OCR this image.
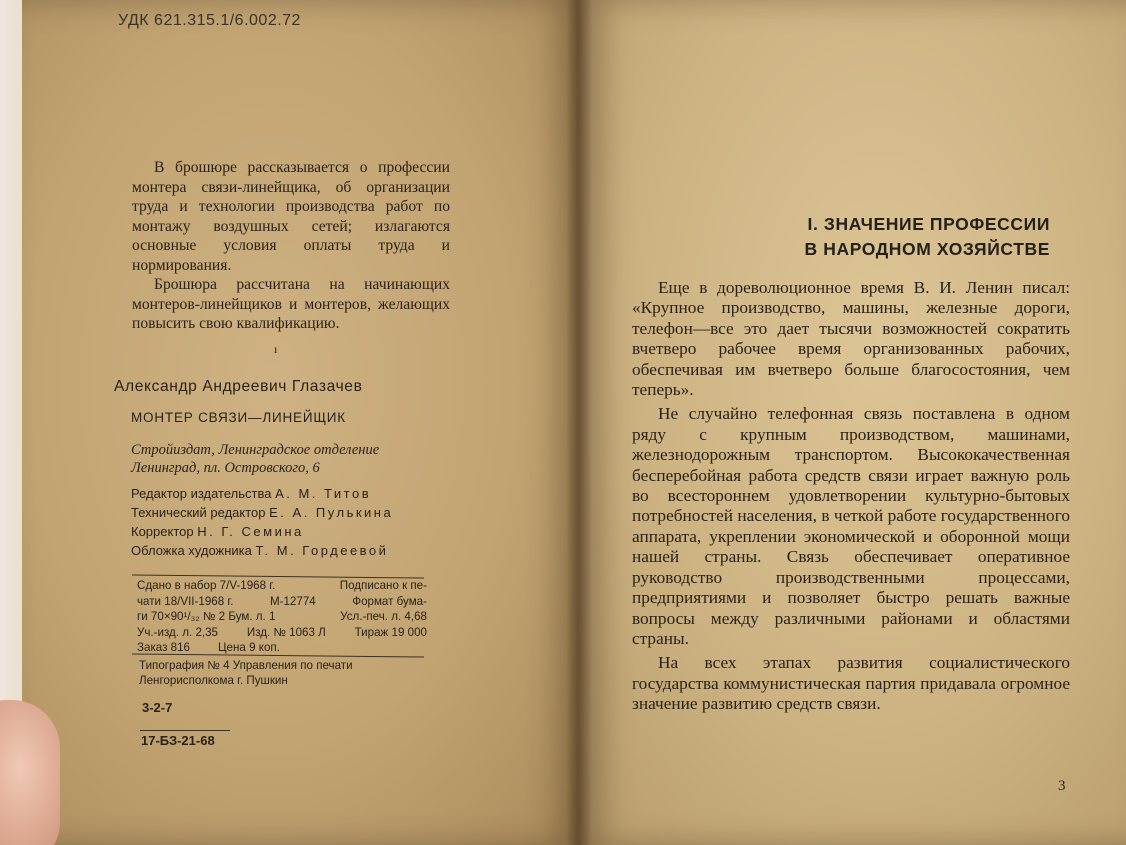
УДК 621.315.1/6.002.72

В брошюре рассказывается о профессии монтера связи-линейщика, об организации труда и технологии производства работ по монтажу воздушных сетей; излагаются основные условия оплаты труда и нормирования.

Брошюра рассчитана на начинающих монтеров-линейщиков и монтеров, желающих повысить свою квалификацию.

ı
Александр Андреевич Глазачев
МОНТЕР СВЯЗИ—ЛИНЕЙЩИК
Стройиздат, Ленинградское отделение
Ленинград, пл. Островского, 6
Редактор издательства А. М. Титов
Технический редактор Е. А. Пулькина
Корректор Н. Г. Семина
Обложка художника Т. М. Гордеевой
Сдано в набор 7/V-1968 г.	Подписано к пе-
чати 18/VII-1968 г.	М-12774	Формат бума-
ги 70×90¹/₃₂ № 2 Бум. л. 1	Усл.-печ. л. 4,68
Уч.-изд. л. 2,35 Изд. № 1063 Л Тираж 19 000
Заказ 816 Цена 9 коп.
Типография № 4 Управления по печати
Ленгорисполкома г. Пушкин
3-2-7
17-БЗ-21-68
I. ЗНАЧЕНИЕ ПРОФЕССИИ
В НАРОДНОМ ХОЗЯЙСТВЕ

Еще в дореволюционное время В. И. Ленин писал: «Крупное производство, машины, железные дороги, телефон—все это дает тысячи возможностей сократить вчетверо рабочее время организованных рабочих, обеспечивая им вчетверо больше благосостояния, чем теперь».

Не случайно телефонная связь поставлена в одном ряду с крупным производством, машинами, железнодорожным транспортом. Высококачественная бесперебойная работа средств связи играет важную роль во всестороннем удовлетворении культурно-бытовых потребностей населения, в четкой работе государственного аппарата, укреплении экономической и оборонной мощи нашей страны. Связь обеспечивает оперативное руководство производственными процессами, предприятиями и позволяет быстро решать важные вопросы между различными районами и областями страны.

На всех этапах развития социалистического государства коммунистическая партия придавала огромное значение развитию средств связи.

3
